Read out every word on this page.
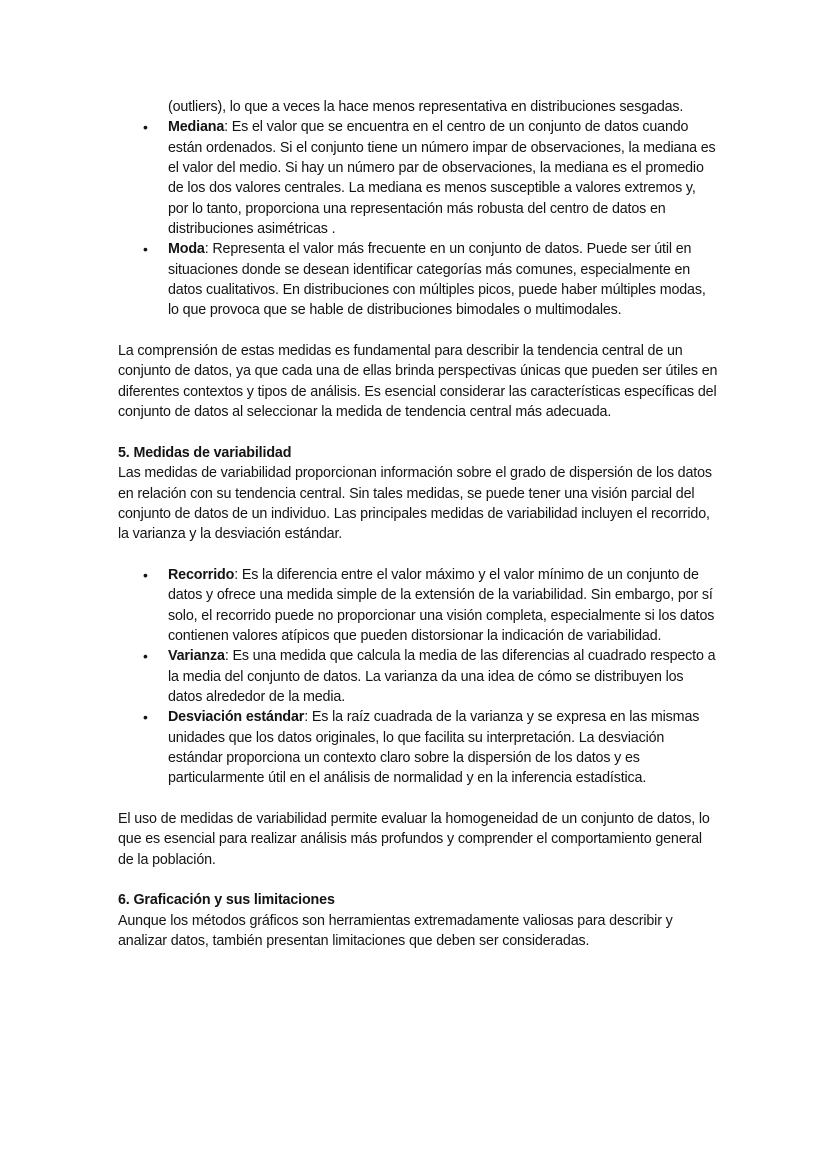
(outliers), lo que a veces la hace menos representativa en distribuciones sesgadas.

• Mediana: Es el valor que se encuentra en el centro de un conjunto de datos cuando están ordenados. Si el conjunto tiene un número impar de observaciones, la mediana es el valor del medio. Si hay un número par de observaciones, la mediana es el promedio de los dos valores centrales. La mediana es menos susceptible a valores extremos y, por lo tanto, proporciona una representación más robusta del centro de datos en distribuciones asimétricas .
• Moda: Representa el valor más frecuente en un conjunto de datos. Puede ser útil en situaciones donde se desean identificar categorías más comunes, especialmente en datos cualitativos. En distribuciones con múltiples picos, puede haber múltiples modas, lo que provoca que se hable de distribuciones bimodales o multimodales.

La comprensión de estas medidas es fundamental para describir la tendencia central de un conjunto de datos, ya que cada una de ellas brinda perspectivas únicas que pueden ser útiles en diferentes contextos y tipos de análisis. Es esencial considerar las características específicas del conjunto de datos al seleccionar la medida de tendencia central más adecuada.

5. Medidas de variabilidad

Las medidas de variabilidad proporcionan información sobre el grado de dispersión de los datos en relación con su tendencia central. Sin tales medidas, se puede tener una visión parcial del conjunto de datos de un individuo. Las principales medidas de variabilidad incluyen el recorrido, la varianza y la desviación estándar.

• Recorrido: Es la diferencia entre el valor máximo y el valor mínimo de un conjunto de datos y ofrece una medida simple de la extensión de la variabilidad. Sin embargo, por sí solo, el recorrido puede no proporcionar una visión completa, especialmente si los datos contienen valores atípicos que pueden distorsionar la indicación de variabilidad.
• Varianza: Es una medida que calcula la media de las diferencias al cuadrado respecto a la media del conjunto de datos. La varianza da una idea de cómo se distribuyen los datos alrededor de la media.
• Desviación estándar: Es la raíz cuadrada de la varianza y se expresa en las mismas unidades que los datos originales, lo que facilita su interpretación. La desviación estándar proporciona un contexto claro sobre la dispersión de los datos y es particularmente útil en el análisis de normalidad y en la inferencia estadística.

El uso de medidas de variabilidad permite evaluar la homogeneidad de un conjunto de datos, lo que es esencial para realizar análisis más profundos y comprender el comportamiento general de la población.

6. Graficación y sus limitaciones

Aunque los métodos gráficos son herramientas extremadamente valiosas para describir y analizar datos, también presentan limitaciones que deben ser consideradas.
